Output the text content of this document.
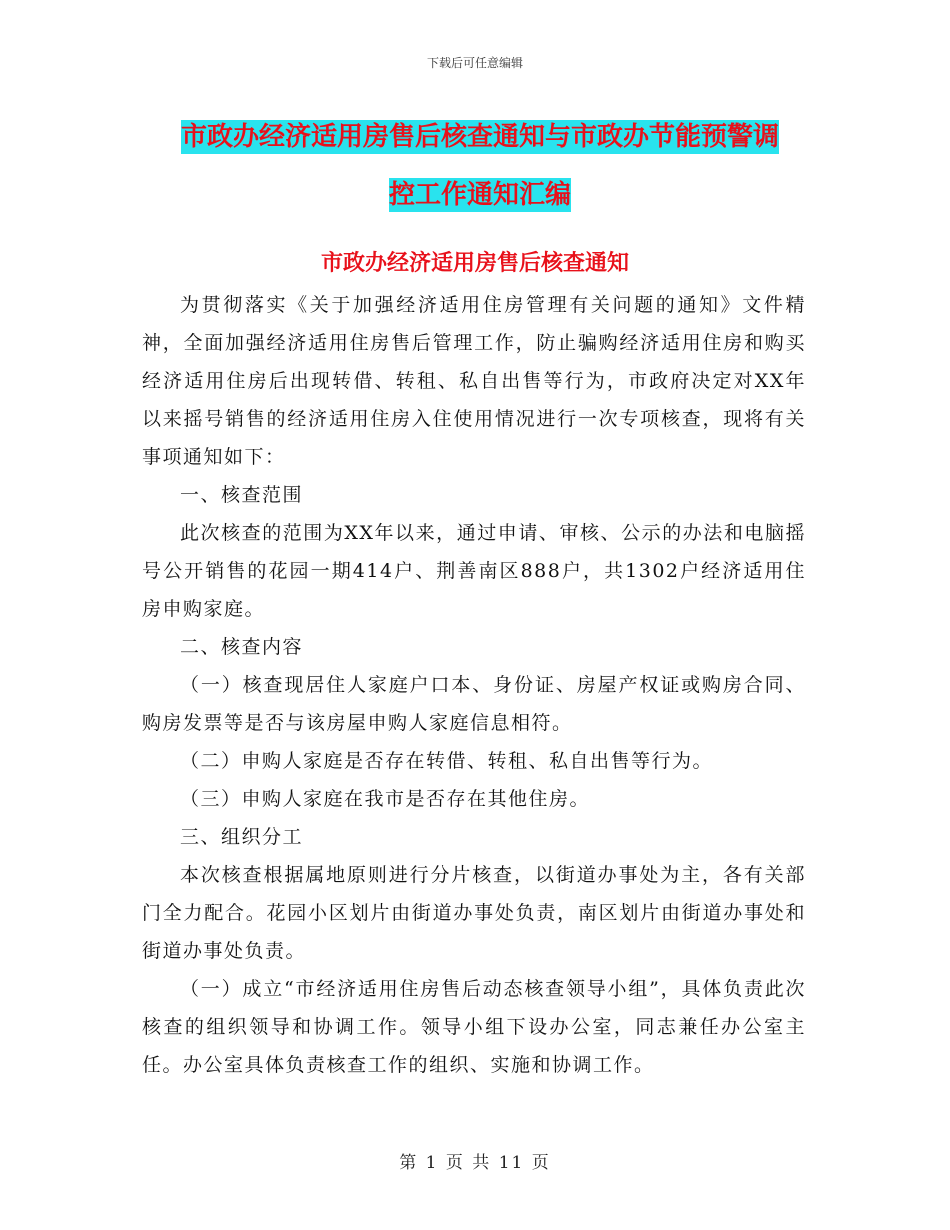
下载后可任意编辑
市政办经济适用房售后核查通知与市政办节能预警调
控工作通知汇编
市政办经济适用房售后核查通知

为贯彻落实《关于加强经济适用住房管理有关问题的通知》文件精神，全面加强经济适用住房售后管理工作，防止骗购经济适用住房和购买经济适用住房后出现转借、转租、私自出售等行为，市政府决定对XX年以来摇号销售的经济适用住房入住使用情况进行一次专项核查，现将有关事项通知如下：

一、核查范围

此次核查的范围为XX年以来，通过申请、审核、公示的办法和电脑摇号公开销售的花园一期414户、荆善南区888户，共1302户经济适用住房申购家庭。

二、核查内容

（一）核查现居住人家庭户口本、身份证、房屋产权证或购房合同、购房发票等是否与该房屋申购人家庭信息相符。

（二）申购人家庭是否存在转借、转租、私自出售等行为。

（三）申购人家庭在我市是否存在其他住房。

三、组织分工

本次核查根据属地原则进行分片核查，以街道办事处为主，各有关部门全力配合。花园小区划片由街道办事处负责，南区划片由街道办事处和街道办事处负责。

（一）成立“市经济适用住房售后动态核查领导小组”，具体负责此次核查的组织领导和协调工作。领导小组下设办公室，同志兼任办公室主任。办公室具体负责核查工作的组织、实施和协调工作。

第 1 页 共 11 页
